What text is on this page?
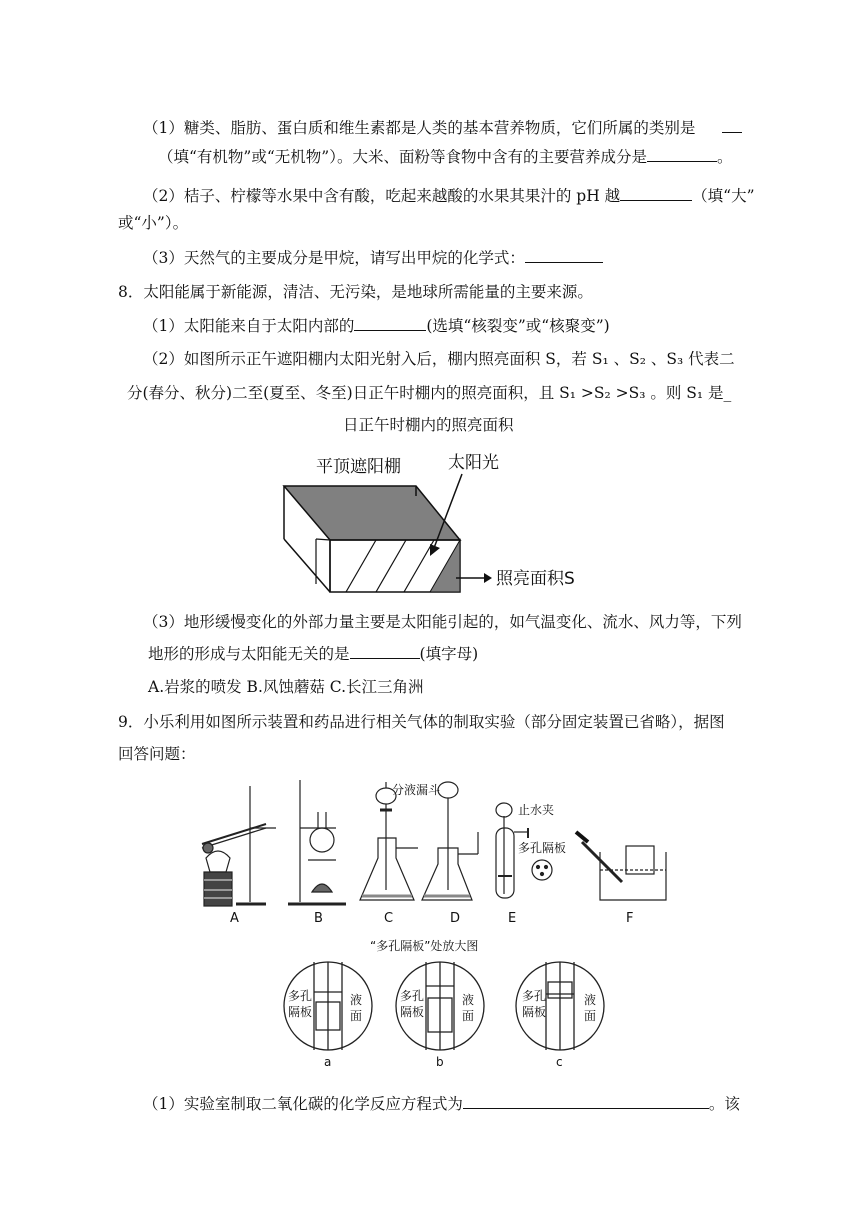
（1）糖类、脂肪、蛋白质和维生素都是人类的基本营养物质，它们所属的类别是
（填“有机物”或“无机物”）。大米、面粉等食物中含有的主要营养成分是	。
（2）桔子、柠檬等水果中含有酸，吃起来越酸的水果其果汁的 pH 越	（填“大”
或“小”）。
（3）天然气的主要成分是甲烷，请写出甲烷的化学式：
8．太阳能属于新能源，清洁、无污染，是地球所需能量的主要来源。
（1）太阳能来自于太阳内部的	(选填“核裂变”或“核聚变”)
（2）如图所示正午遮阳棚内太阳光射入后，棚内照亮面积 S，若 S₁ 、S₂ 、S₃ 代表二
分(春分、秋分)二至(夏至、冬至)日正午时棚内的照亮面积，且 S₁ >S₂ >S₃ 。则 S₁ 是_
日正午时棚内的照亮面积
平顶遮阳棚	太阳光
照亮面积S
（3）地形缓慢变化的外部力量主要是太阳能引起的，如气温变化、流水、风力等，下列
地形的形成与太阳能无关的是	(填字母)
A.岩浆的喷发 B.风蚀蘑菇 C.长江三角洲
9．小乐利用如图所示装置和药品进行相关气体的制取实验（部分固定装置已省略），据图
回答问题：
分液漏斗
止水夹
多孔隔板
A	B	C	D	E	F
“多孔隔板”处放大图
多孔
隔板
液
面
多孔
隔板
液
面
多孔
隔板
液
面
a	b	c
（1）实验室制取二氧化碳的化学反应方程式为	。该
